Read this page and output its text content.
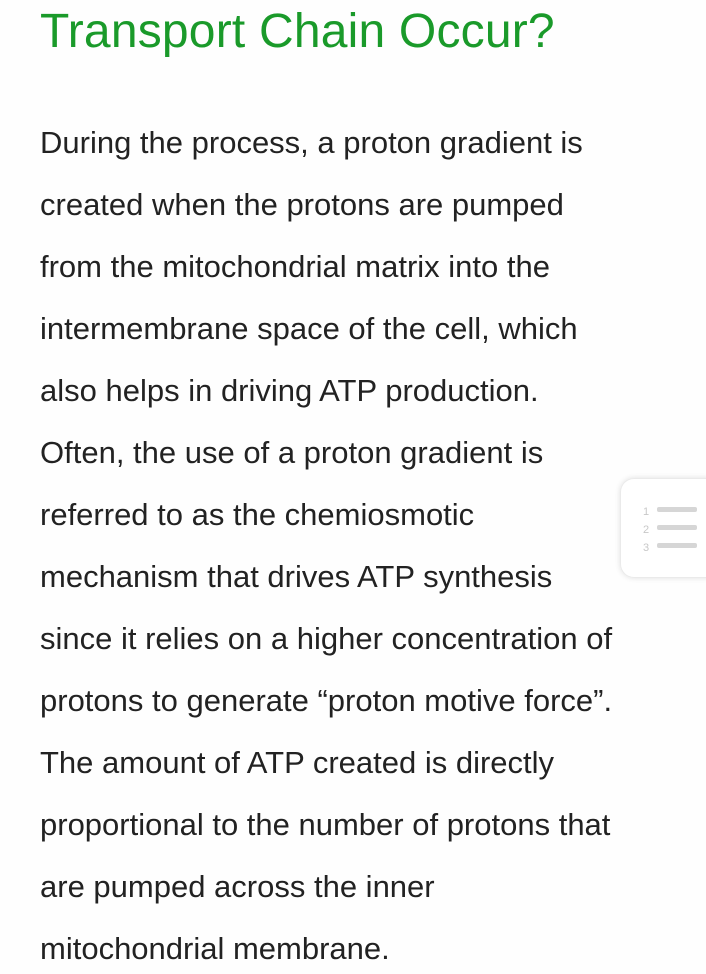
Transport Chain Occur?

During the process, a proton gradient is
created when the protons are pumped
from the mitochondrial matrix into the
intermembrane space of the cell, which
also helps in driving ATP production.
Often, the use of a proton gradient is
referred to as the chemiosmotic
mechanism that drives ATP synthesis
since it relies on a higher concentration of
protons to generate “proton motive force”.
The amount of ATP created is directly
proportional to the number of protons that
are pumped across the inner
mitochondrial membrane.

1
2
3
